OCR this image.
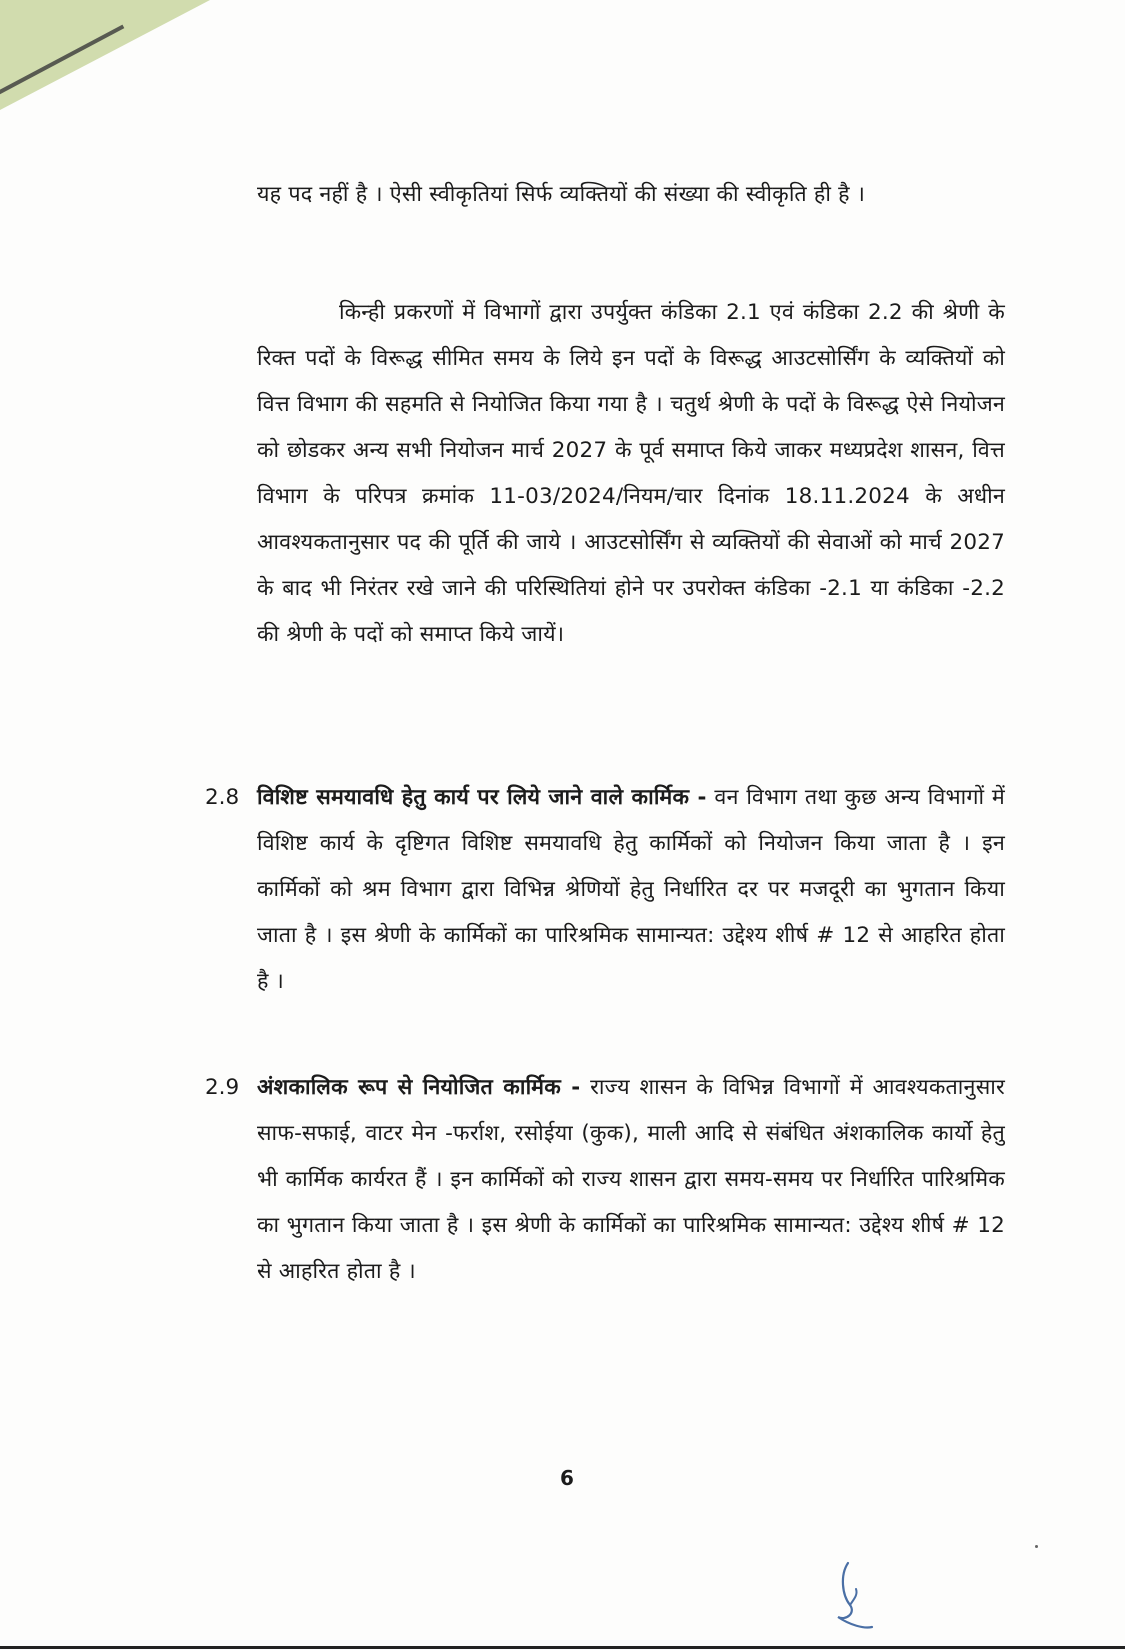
यह पद नहीं है । ऐसी स्वीकृतियां सिर्फ व्यक्तियों की संख्या की स्वीकृति ही है ।

किन्ही प्रकरणों में विभागों द्वारा उपर्युक्त कंडिका 2.1 एवं कंडिका 2.2 की श्रेणी के रिक्त पदों के विरूद्ध सीमित समय के लिये इन पदों के विरूद्ध आउटसोर्सिंग के व्यक्तियों को वित्त विभाग की सहमति से नियोजित किया गया है । चतुर्थ श्रेणी के पदों के विरूद्ध ऐसे नियोजन को छोडकर अन्य सभी नियोजन मार्च 2027 के पूर्व समाप्त किये जाकर मध्यप्रदेश शासन, वित्त विभाग के परिपत्र क्रमांक 11-03/2024/नियम/चार दिनांक 18.11.2024 के अधीन आवश्यकतानुसार पद की पूर्ति की जाये । आउटसोर्सिंग से व्यक्तियों की सेवाओं को मार्च 2027 के बाद भी निरंतर रखे जाने की परिस्थितियां होने पर उपरोक्त कंडिका -2.1 या कंडिका -2.2 की श्रेणी के पदों को समाप्त किये जायें।

2.8 विशिष्ट समयावधि हेतु कार्य पर लिये जाने वाले कार्मिक - वन विभाग तथा कुछ अन्य विभागों में विशिष्ट कार्य के दृष्टिगत विशिष्ट समयावधि हेतु कार्मिकों को नियोजन किया जाता है । इन कार्मिकों को श्रम विभाग द्वारा विभिन्न श्रेणियों हेतु निर्धारित दर पर मजदूरी का भुगतान किया जाता है । इस श्रेणी के कार्मिकों का पारिश्रमिक सामान्यत: उद्देश्य शीर्ष # 12 से आहरित होता है ।

2.9 अंशकालिक रूप से नियोजित कार्मिक - राज्य शासन के विभिन्न विभागों में आवश्यकतानुसार साफ-सफाई, वाटर मेन -फर्राश, रसोईया (कुक), माली आदि से संबंधित अंशकालिक कार्यो हेतु भी कार्मिक कार्यरत हैं । इन कार्मिकों को राज्य शासन द्वारा समय-समय पर निर्धारित पारिश्रमिक का भुगतान किया जाता है । इस श्रेणी के कार्मिकों का पारिश्रमिक सामान्यत: उद्देश्य शीर्ष # 12 से आहरित होता है ।

6
